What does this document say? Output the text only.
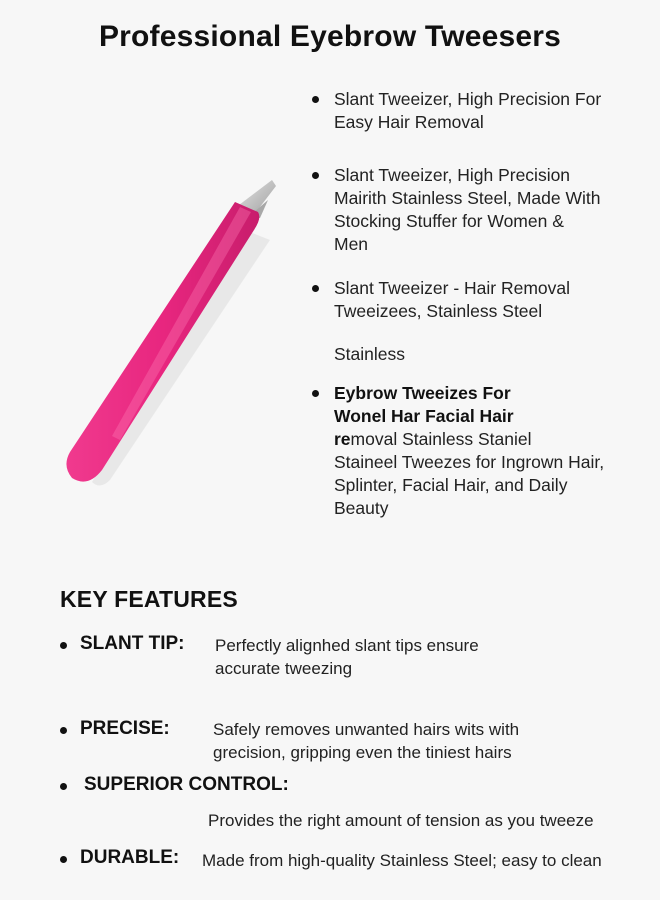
Professional Eyebrow Tweesers
Slant Tweeizer, High Precision For
Easy Hair Removal
Slant Tweeizer, High Precision
Mairith Stainless Steel, Made With
Stocking Stuffer for Women &
Men
Slant Tweeizer - Hair Removal
Tweeizees, Stainless Steel
Stainless
Eybrow Tweeizes For
Wonel Har Facial Hair
removal Stainless Staniel
Staineel Tweezes for Ingrown Hair,
Splinter, Facial Hair, and Daily
Beauty
KEY FEATURES
SLANT TIP: Perfectly alignhed slant tips ensure
accurate tweezing
PRECISE:	Safely removes unwanted hairs wits with
grecision, gripping even the tiniest hairs
SUPERIOR CONTROL:
Provides the right amount of tension as you tweeze
DURABLE: Made from high-quality Stainless Steel; easy to clean
